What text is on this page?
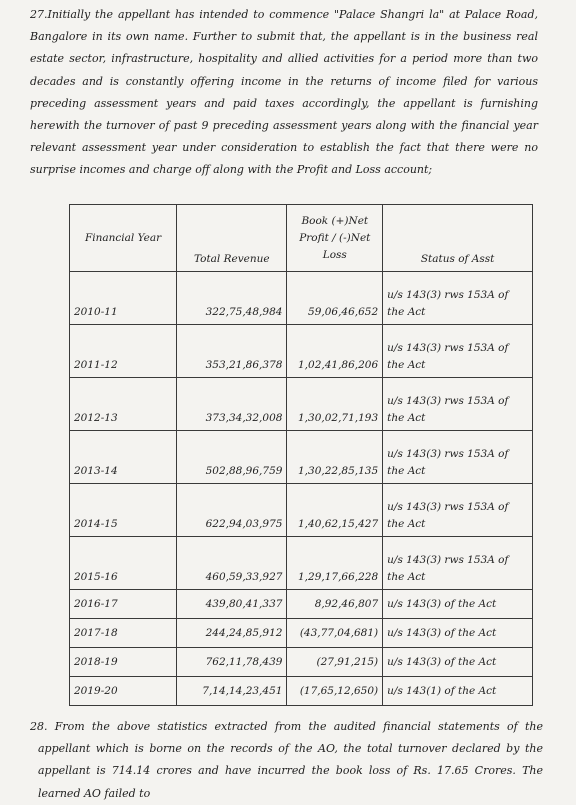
27.Initially the appellant has intended to commence "Palace Shangri la" at Palace Road, Bangalore in its own name. Further to submit that, the appellant is in the business real estate sector, infrastructure, hospitality and allied activities for a period more than two decades and is constantly offering income in the returns of income filed for various preceding assessment years and paid taxes accordingly, the appellant is furnishing herewith the turnover of past 9 preceding assessment years along with the financial year relevant assessment year under consideration to establish the fact that there were no surprise incomes and charge off along with the Profit and Loss account;
Financial Year	Total Revenue	Book (+)Net Profit / (-)Net Loss	Status of Asst
2010-11	322,75,48,984	59,06,46,652	u/s 143(3) rws 153A of the Act
2011-12	353,21,86,378	1,02,41,86,206	u/s 143(3) rws 153A of the Act
2012-13	373,34,32,008	1,30,02,71,193	u/s 143(3) rws 153A of the Act
2013-14	502,88,96,759	1,30,22,85,135	u/s 143(3) rws 153A of the Act
2014-15	622,94,03,975	1,40,62,15,427	u/s 143(3) rws 153A of the Act
2015-16	460,59,33,927	1,29,17,66,228	u/s 143(3) rws 153A of the Act
2016-17	439,80,41,337	8,92,46,807	u/s 143(3) of the Act
2017-18	244,24,85,912	(43,77,04,681)	u/s 143(3) of the Act
2018-19	762,11,78,439	(27,91,215)	u/s 143(3) of the Act
2019-20	7,14,14,23,451	(17,65,12,650)	u/s 143(1) of the Act
28. From the above statistics extracted from the audited financial statements of the appellant which is borne on the records of the AO, the total turnover declared by the appellant is 714.14 crores and have incurred the book loss of Rs. 17.65 Crores. The learned AO failed to
